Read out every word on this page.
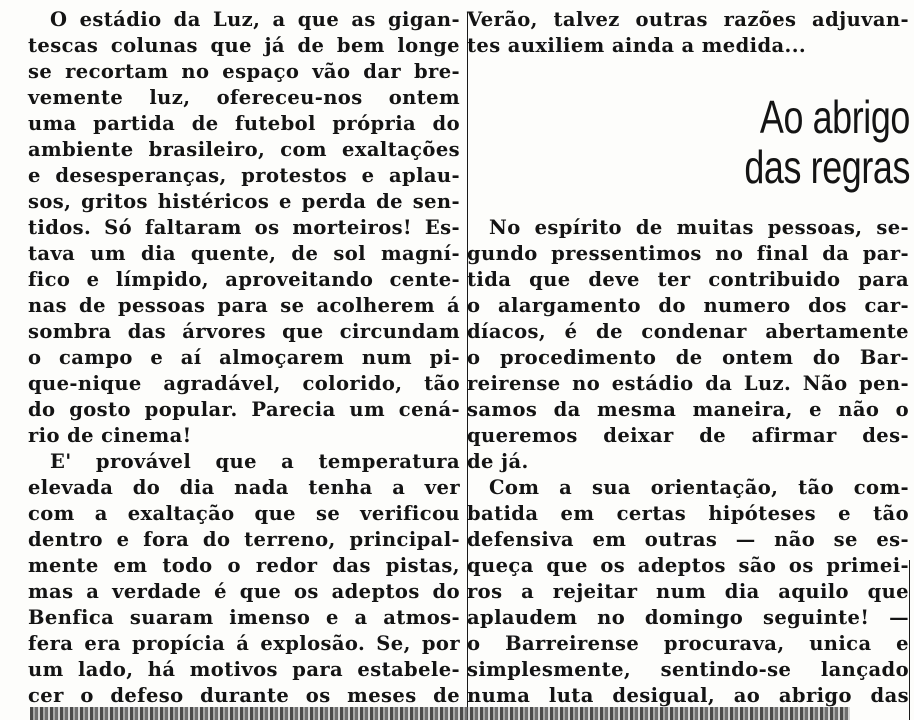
O estádio da Luz, a que as gigan-
tescas colunas que já de bem longe
se recortam no espaço vão dar bre-
vemente luz, ofereceu-nos ontem
uma partida de futebol própria do
ambiente brasileiro, com exaltações
e desesperanças, protestos e aplau-
sos, gritos histéricos e perda de sen-
tidos. Só faltaram os morteiros! Es-
tava um dia quente, de sol magní-
fico e límpido, aproveitando cente-
nas de pessoas para se acolherem á
sombra das árvores que circundam
o campo e aí almoçarem num pi-
que-nique agradável, colorido, tão
do gosto popular. Parecia um cená-
rio de cinema!
E' provável que a temperatura
elevada do dia nada tenha a ver
com a exaltação que se verificou
dentro e fora do terreno, principal-
mente em todo o redor das pistas,
mas a verdade é que os adeptos do
Benfica suaram imenso e a atmos-
fera era propícia á explosão. Se, por
um lado, há motivos para estabele-
cer o defeso durante os meses de
Verão, talvez outras razões adjuvan-
tes auxiliem ainda a medida...
No espírito de muitas pessoas, se-
gundo pressentimos no final da par-
tida que deve ter contribuido para
o alargamento do numero dos car-
díacos, é de condenar abertamente
o procedimento de ontem do Bar-
reirense no estádio da Luz. Não pen-
samos da mesma maneira, e não o
queremos deixar de afirmar des-
de já.
Com a sua orientação, tão com-
batida em certas hipóteses e tão
defensiva em outras — não se es-
queça que os adeptos são os primei-
ros a rejeitar num dia aquilo que
aplaudem no domingo seguinte! —
o Barreirense procurava, unica e
simplesmente, sentindo-se lançado
numa luta desigual, ao abrigo das
Ao abrigo
das regras
